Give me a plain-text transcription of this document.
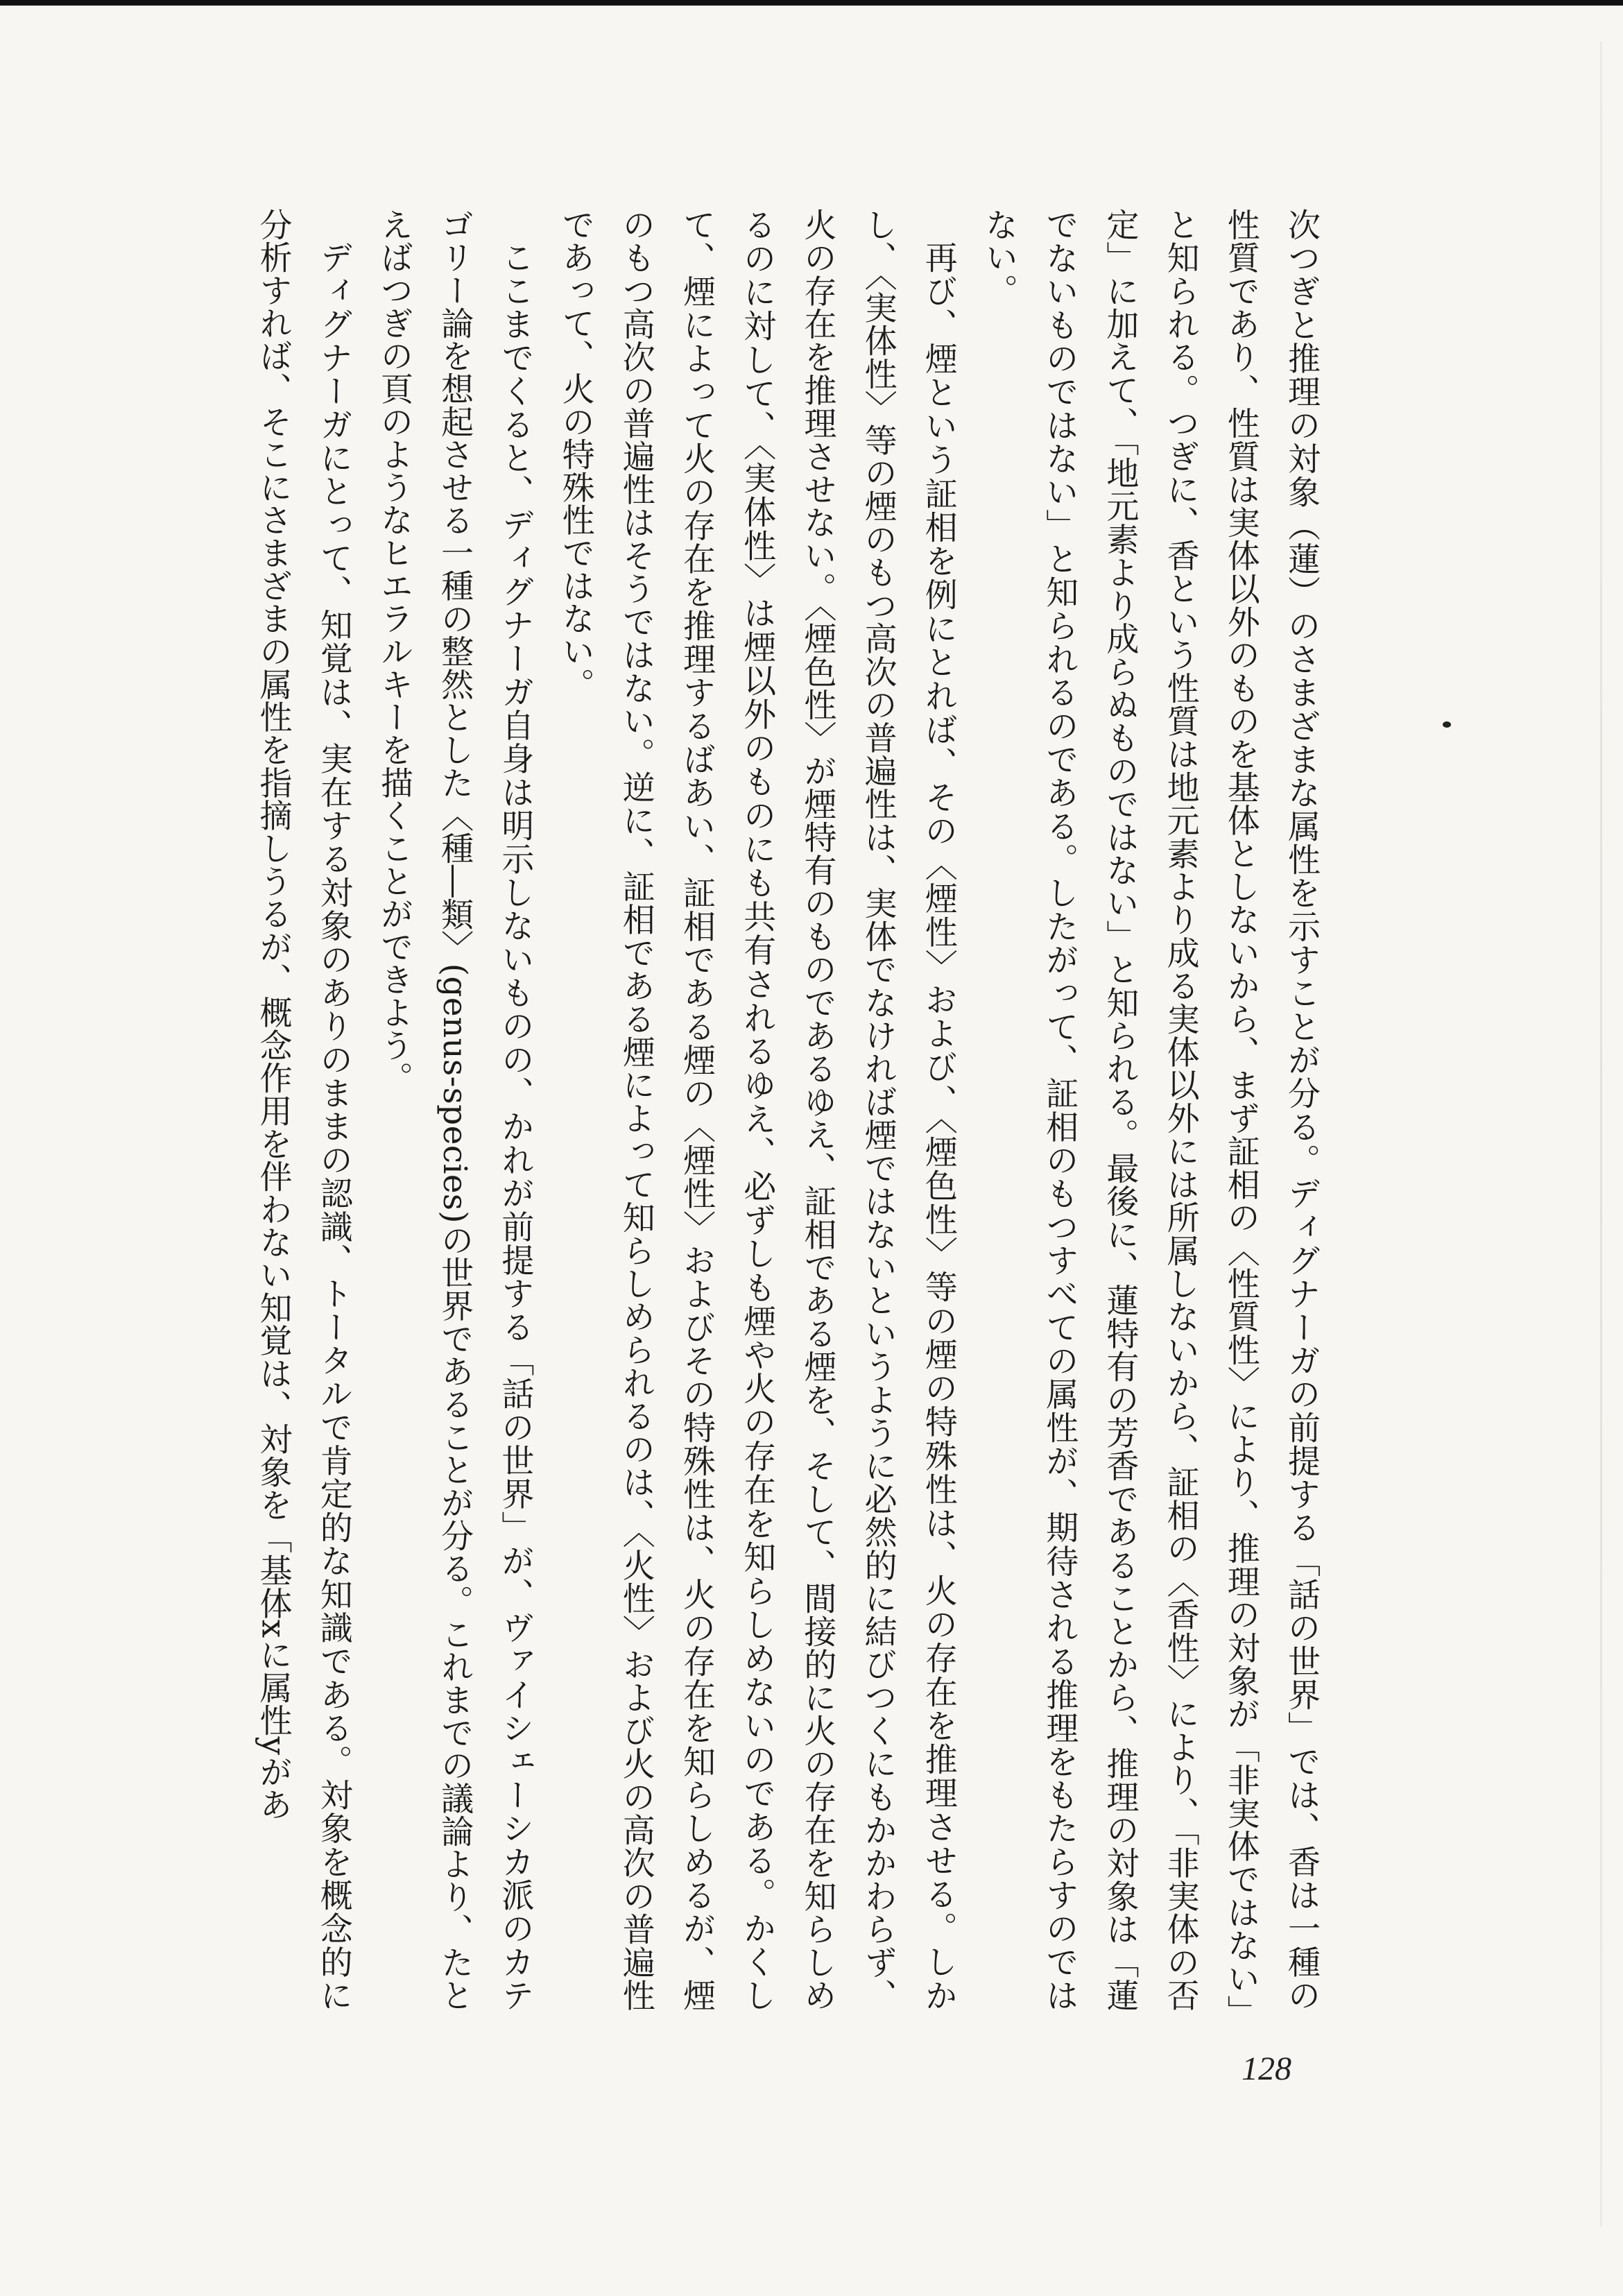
次つぎと推理の対象（蓮）のさまざまな属性を示すことが分る。ディグナーガの前提する「話の世界」では、香は一種の性質であり、性質は実体以外のものを基体としないから、まず証相の〈性質性〉により、推理の対象が「非実体ではない」と知られる。つぎに、香という性質は地元素より成る実体以外には所属しないから、証相の〈香性〉により、「非実体の否定」に加えて、「地元素より成らぬものではない」と知られる。最後に、蓮特有の芳香であることから、推理の対象は「蓮でないものではない」と知られるのである。したがって、証相のもつすべての属性が、期待される推理をもたらすのではない。

再び、煙という証相を例にとれば、その〈煙性〉および、〈煙色性〉等の煙の特殊性は、火の存在を推理させる。しかし、〈実体性〉等の煙のもつ高次の普遍性は、実体でなければ煙ではないというように必然的に結びつくにもかかわらず、火の存在を推理させない。〈煙色性〉が煙特有のものであるゆえ、証相である煙を、そして、間接的に火の存在を知らしめるのに対して、〈実体性〉は煙以外のものにも共有されるゆえ、必ずしも煙や火の存在を知らしめないのである。かくして、煙によって火の存在を推理するばあい、証相である煙の〈煙性〉およびその特殊性は、火の存在を知らしめるが、煙のもつ高次の普遍性はそうではない。逆に、証相である煙によって知らしめられるのは、〈火性〉および火の高次の普遍性であって、火の特殊性ではない。

ここまでくると、ディグナーガ自身は明示しないものの、かれが前提する「話の世界」が、ヴァイシェーシカ派のカテゴリー論を想起させる一種の整然とした〈種―類〉(genus-species)の世界であることが分る。これまでの議論より、たとえばつぎの頁のようなヒエラルキーを描くことができよう。

ディグナーガにとって、知覚は、実在する対象のありのままの認識、トータルで肯定的な知識である。対象を概念的に分析すれば、そこにさまざまの属性を指摘しうるが、概念作用を伴わない知覚は、対象を「基体xに属性yがあ

128
